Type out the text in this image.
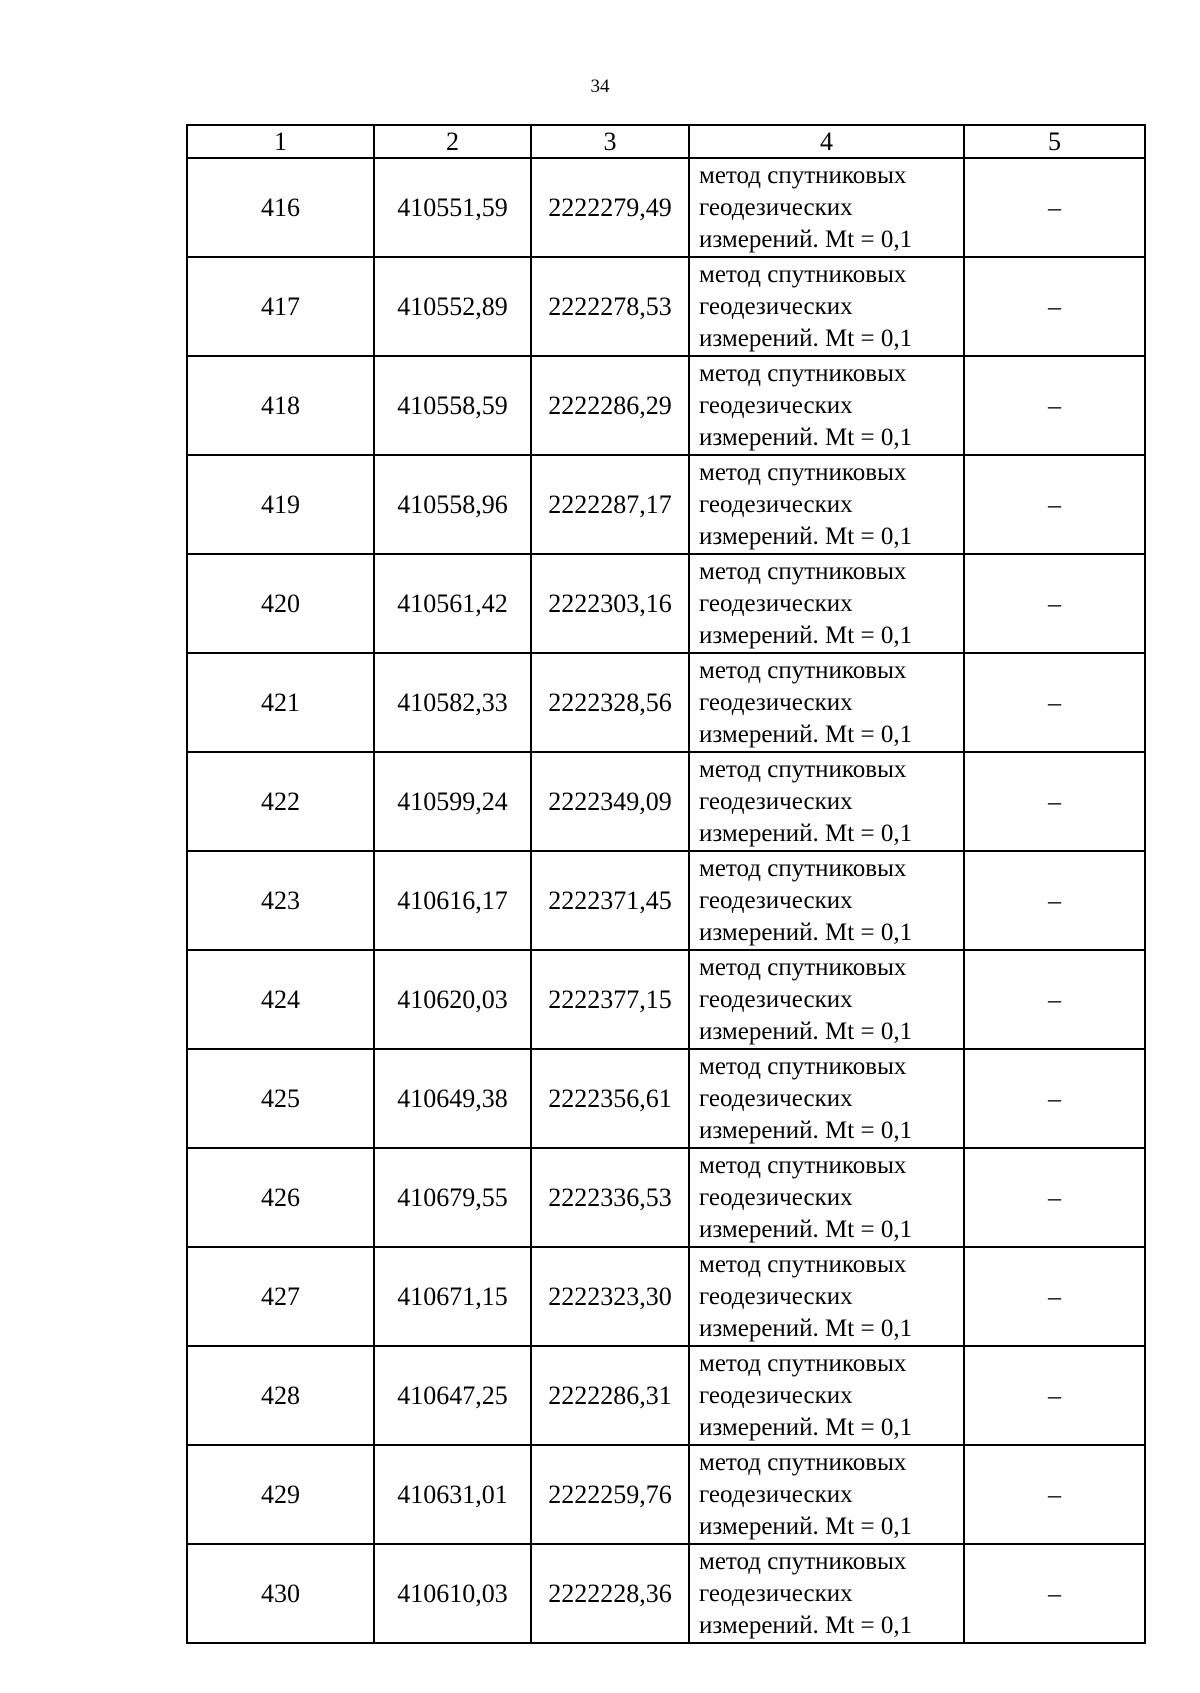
34
1	2	3	4	5
416	410551,59	2222279,49	метод спутниковых
геодезических
измерений. Mt = 0,1	–
417	410552,89	2222278,53	метод спутниковых
геодезических
измерений. Mt = 0,1	–
418	410558,59	2222286,29	метод спутниковых
геодезических
измерений. Mt = 0,1	–
419	410558,96	2222287,17	метод спутниковых
геодезических
измерений. Mt = 0,1	–
420	410561,42	2222303,16	метод спутниковых
геодезических
измерений. Mt = 0,1	–
421	410582,33	2222328,56	метод спутниковых
геодезических
измерений. Mt = 0,1	–
422	410599,24	2222349,09	метод спутниковых
геодезических
измерений. Mt = 0,1	–
423	410616,17	2222371,45	метод спутниковых
геодезических
измерений. Mt = 0,1	–
424	410620,03	2222377,15	метод спутниковых
геодезических
измерений. Mt = 0,1	–
425	410649,38	2222356,61	метод спутниковых
геодезических
измерений. Mt = 0,1	–
426	410679,55	2222336,53	метод спутниковых
геодезических
измерений. Mt = 0,1	–
427	410671,15	2222323,30	метод спутниковых
геодезических
измерений. Mt = 0,1	–
428	410647,25	2222286,31	метод спутниковых
геодезических
измерений. Mt = 0,1	–
429	410631,01	2222259,76	метод спутниковых
геодезических
измерений. Mt = 0,1	–
430	410610,03	2222228,36	метод спутниковых
геодезических
измерений. Mt = 0,1	–
